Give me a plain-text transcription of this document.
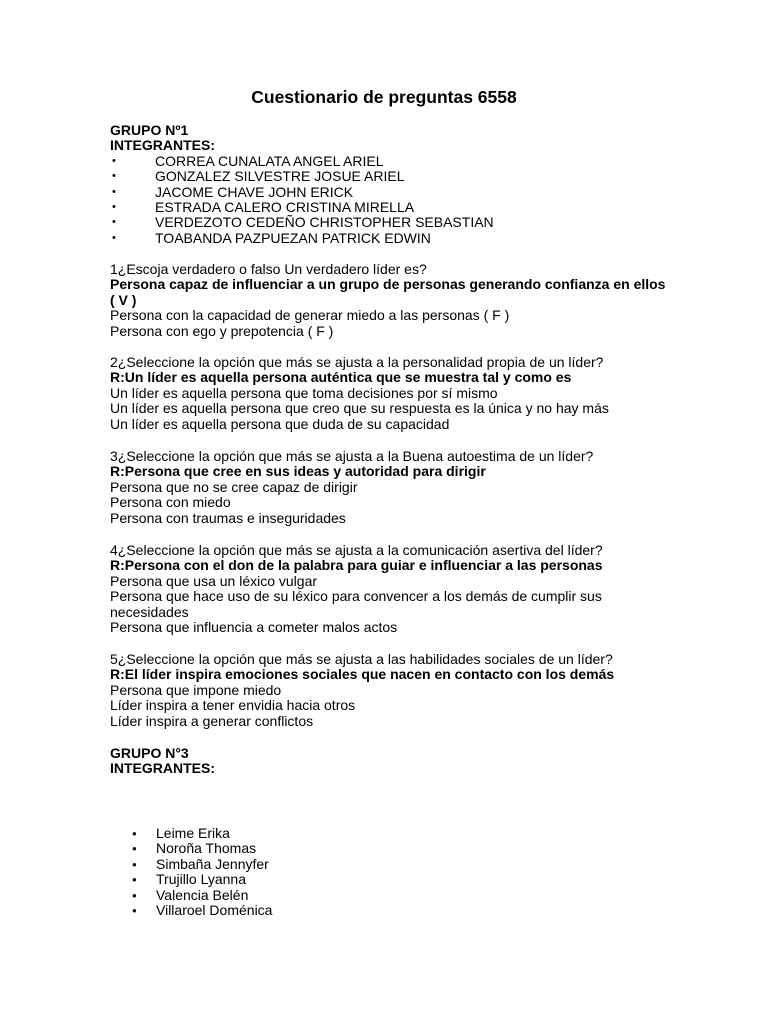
Cuestionario de preguntas 6558
GRUPO Nº1
INTEGRANTES:
• CORREA CUNALATA ANGEL ARIEL
• GONZALEZ SILVESTRE JOSUE ARIEL
• JACOME CHAVE JOHN ERICK
• ESTRADA CALERO CRISTINA MIRELLA
• VERDEZOTO CEDEÑO CHRISTOPHER SEBASTIAN
• TOABANDA PAZPUEZAN PATRICK EDWIN
1¿Escoja verdadero o falso Un verdadero líder es?
Persona capaz de influenciar a un grupo de personas generando confianza en ellos ( V )
Persona con la capacidad de generar miedo a las personas ( F )
Persona con ego y prepotencia ( F )
2¿Seleccione la opción que más se ajusta a la personalidad propia de un líder?
R:Un líder es aquella persona auténtica que se muestra tal y como es
Un líder es aquella persona que toma decisiones por sí mismo
Un líder es aquella persona que creo que su respuesta es la única y no hay más
Un líder es aquella persona que duda de su capacidad
3¿Seleccione la opción que más se ajusta a la Buena autoestima de un líder?
R:Persona que cree en sus ideas y autoridad para dirigir
Persona que no se cree capaz de dirigir
Persona con miedo
Persona con traumas e inseguridades
4¿Seleccione la opción que más se ajusta a la comunicación asertiva del líder?
R:Persona con el don de la palabra para guiar e influenciar a las personas
Persona que usa un léxico vulgar
Persona que hace uso de su léxico para convencer a los demás de cumplir sus necesidades
Persona que influencia a cometer malos actos
5¿Seleccione la opción que más se ajusta a las habilidades sociales de un líder?
R:El líder inspira emociones sociales que nacen en contacto con los demás
Persona que impone miedo
Líder inspira a tener envidia hacia otros
Líder inspira a generar conflictos
GRUPO N°3
INTEGRANTES:
● Leime Erika
● Noroña Thomas
● Simbaña Jennyfer
● Trujillo Lyanna
● Valencia Belén
● Villaroel Doménica
